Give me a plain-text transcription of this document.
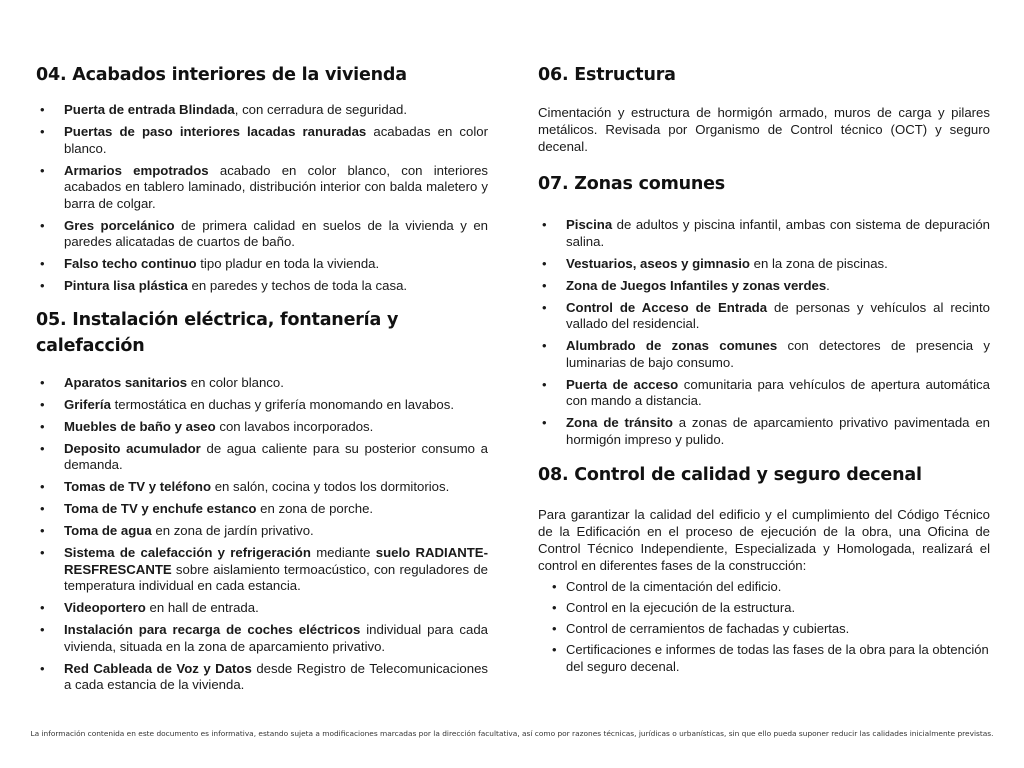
04. Acabados interiores de la vivienda
• Puerta de entrada Blindada, con cerradura de seguridad.
• Puertas de paso interiores lacadas ranuradas acabadas en color blanco.
• Armarios empotrados acabado en color blanco, con interiores acabados en tablero laminado, distribución interior con balda maletero y barra de colgar.
• Gres porcelánico de primera calidad en suelos de la vivienda y en paredes alicatadas de cuartos de baño.
• Falso techo continuo tipo pladur en toda la vivienda.
• Pintura lisa plástica en paredes y techos de toda la casa.
05. Instalación eléctrica, fontanería y calefacción
• Aparatos sanitarios en color blanco.
• Grifería termostática en duchas y grifería monomando en lavabos.
• Muebles de baño y aseo con lavabos incorporados.
• Deposito acumulador de agua caliente para su posterior consumo a demanda.
• Tomas de TV y teléfono en salón, cocina y todos los dormitorios.
• Toma de TV y enchufe estanco en zona de porche.
• Toma de agua en zona de jardín privativo.
• Sistema de calefacción y refrigeración mediante suelo RADIANTE-RESFRESCANTE sobre aislamiento termoacústico, con reguladores de temperatura individual en cada estancia.
• Videoportero en hall de entrada.
• Instalación para recarga de coches eléctricos individual para cada vivienda, situada en la zona de aparcamiento privativo.
• Red Cableada de Voz y Datos desde Registro de Telecomunicaciones a cada estancia de la vivienda.
06. Estructura

Cimentación y estructura de hormigón armado, muros de carga y pilares metálicos. Revisada por Organismo de Control técnico (OCT) y seguro decenal.

07. Zonas comunes
• Piscina de adultos y piscina infantil, ambas con sistema de depuración salina.
• Vestuarios, aseos y gimnasio en la zona de piscinas.
• Zona de Juegos Infantiles y zonas verdes.
• Control de Acceso de Entrada de personas y vehículos al recinto vallado del residencial.
• Alumbrado de zonas comunes con detectores de presencia y luminarias de bajo consumo.
• Puerta de acceso comunitaria para vehículos de apertura automática con mando a distancia.
• Zona de tránsito a zonas de aparcamiento privativo pavimentada en hormigón impreso y pulido.
08. Control de calidad y seguro decenal

Para garantizar la calidad del edificio y el cumplimiento del Código Técnico de la Edificación en el proceso de ejecución de la obra, una Oficina de Control Técnico Independiente, Especializada y Homologada, realizará el control en diferentes fases de la construcción:

• Control de la cimentación del edificio.
• Control en la ejecución de la estructura.
• Control de cerramientos de fachadas y cubiertas.
• Certificaciones e informes de todas las fases de la obra para la obtención del seguro decenal.
La información contenida en este documento es informativa, estando sujeta a modificaciones marcadas por la dirección facultativa, así como por razones técnicas, jurídicas o urbanísticas, sin que ello pueda suponer reducir las calidades inicialmente previstas.
